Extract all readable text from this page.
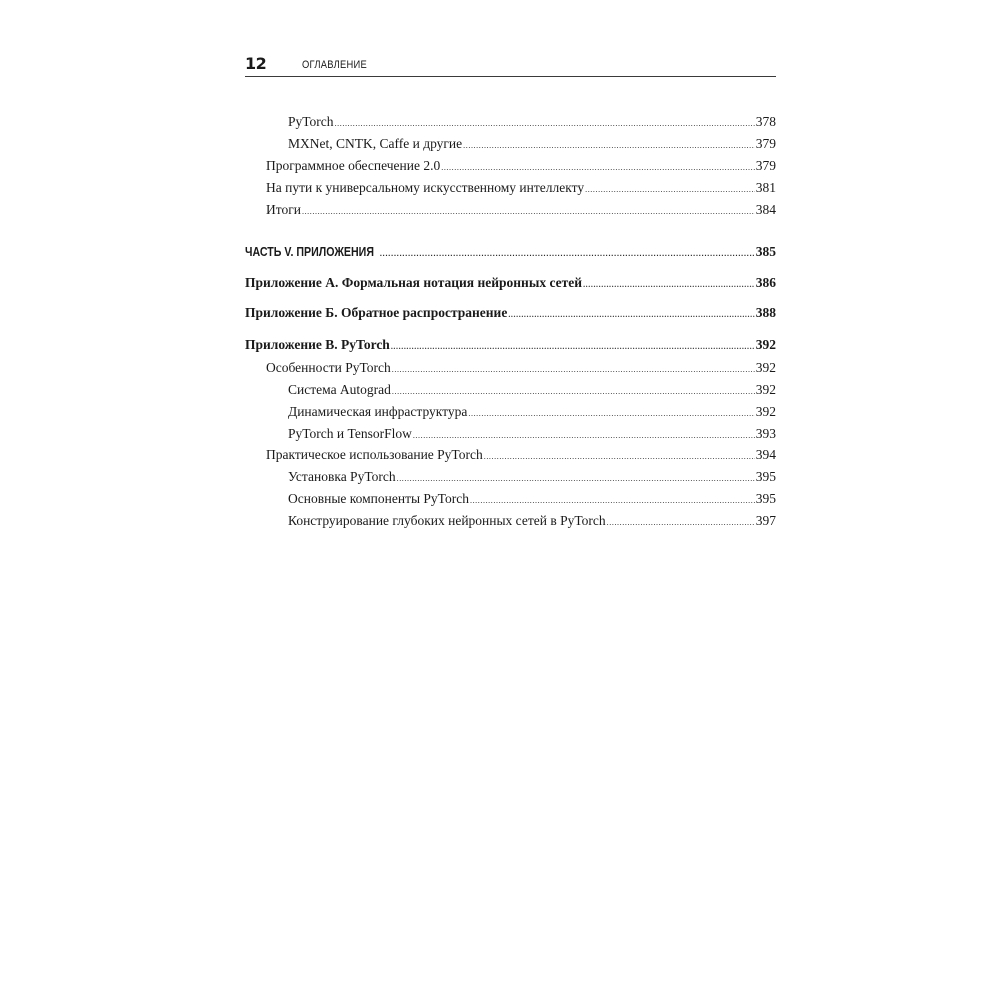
12	ОГЛАВЛЕНИЕ
PyTorch .....	378
MXNet, CNTK, Caffe и другие .....	379
Программное обеспечение 2.0 .....	379
На пути к универсальному искусственному интеллекту .....	381
Итоги .....	384
ЧАСТЬ V. ПРИЛОЖЕНИЯ .....	385
Приложение А. Формальная нотация нейронных сетей .....	386
Приложение Б. Обратное распространение .....	388
Приложение В. PyTorch .....	392
Особенности PyTorch .....	392
Система Autograd .....	392
Динамическая инфраструктура .....	392
PyTorch и TensorFlow .....	393
Практическое использование PyTorch .....	394
Установка PyTorch .....	395
Основные компоненты PyTorch .....	395
Конструирование глубоких нейронных сетей в PyTorch .....	397
